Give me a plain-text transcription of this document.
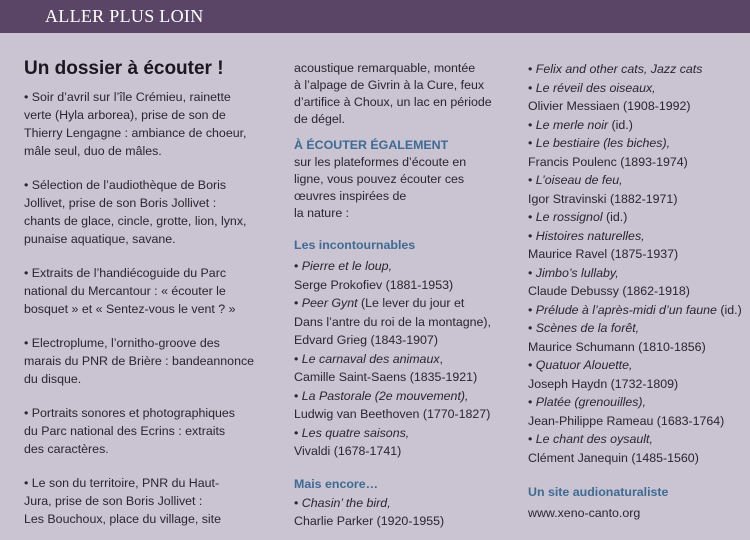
ALLER PLUS LOIN
Un dossier à écouter !
• Soir d’avril sur l’île Crémieu, rainette
verte (Hyla arborea), prise de son de
Thierry Lengagne : ambiance de choeur,
mâle seul, duo de mâles.
• Sélection de l’audiothèque de Boris
Jollivet, prise de son Boris Jollivet :
chants de glace, cincle, grotte, lion, lynx,
punaise aquatique, savane.
• Extraits de l’handiécoguide du Parc
national du Mercantour : « écouter le
bosquet » et « Sentez-vous le vent ? »
• Electroplume, l’ornitho-groove des
marais du PNR de Brière : bandeannonce
du disque.
• Portraits sonores et photographiques
du Parc national des Ecrins : extraits
des caractères.
• Le son du territoire, PNR du Haut-
Jura, prise de son Boris Jollivet :
Les Bouchoux, place du village, site
acoustique remarquable, montée
à l’alpage de Givrin à la Cure, feux
d’artifice à Choux, un lac en période
de dégel.
À ÉCOUTER ÉGALEMENT
sur les plateformes d’écoute en
ligne, vous pouvez écouter ces
œuvres inspirées de
la nature :
Les incontournables
• Pierre et le loup,
Serge Prokofiev (1881-1953)
• Peer Gynt (Le lever du jour et
Dans l’antre du roi de la montagne),
Edvard Grieg (1843-1907)
• Le carnaval des animaux,
Camille Saint-Saens (1835-1921)
• La Pastorale (2e mouvement),
Ludwig van Beethoven (1770-1827)
• Les quatre saisons,
Vivaldi (1678-1741)
Mais encore…
• Chasin’ the bird,
Charlie Parker (1920-1955)
• Felix and other cats, Jazz cats
• Le réveil des oiseaux,
Olivier Messiaen (1908-1992)
• Le merle noir (id.)
• Le bestiaire (les biches),
Francis Poulenc (1893-1974)
• L’oiseau de feu,
Igor Stravinski (1882-1971)
• Le rossignol (id.)
• Histoires naturelles,
Maurice Ravel (1875-1937)
• Jimbo’s lullaby,
Claude Debussy (1862-1918)
• Prélude à l’après-midi d’un faune (id.)
• Scènes de la forêt,
Maurice Schumann (1810-1856)
• Quatuor Alouette,
Joseph Haydn (1732-1809)
• Platée (grenouilles),
Jean-Philippe Rameau (1683-1764)
• Le chant des oysault,
Clément Janequin (1485-1560)
Un site audionaturaliste
www.xeno-canto.org
